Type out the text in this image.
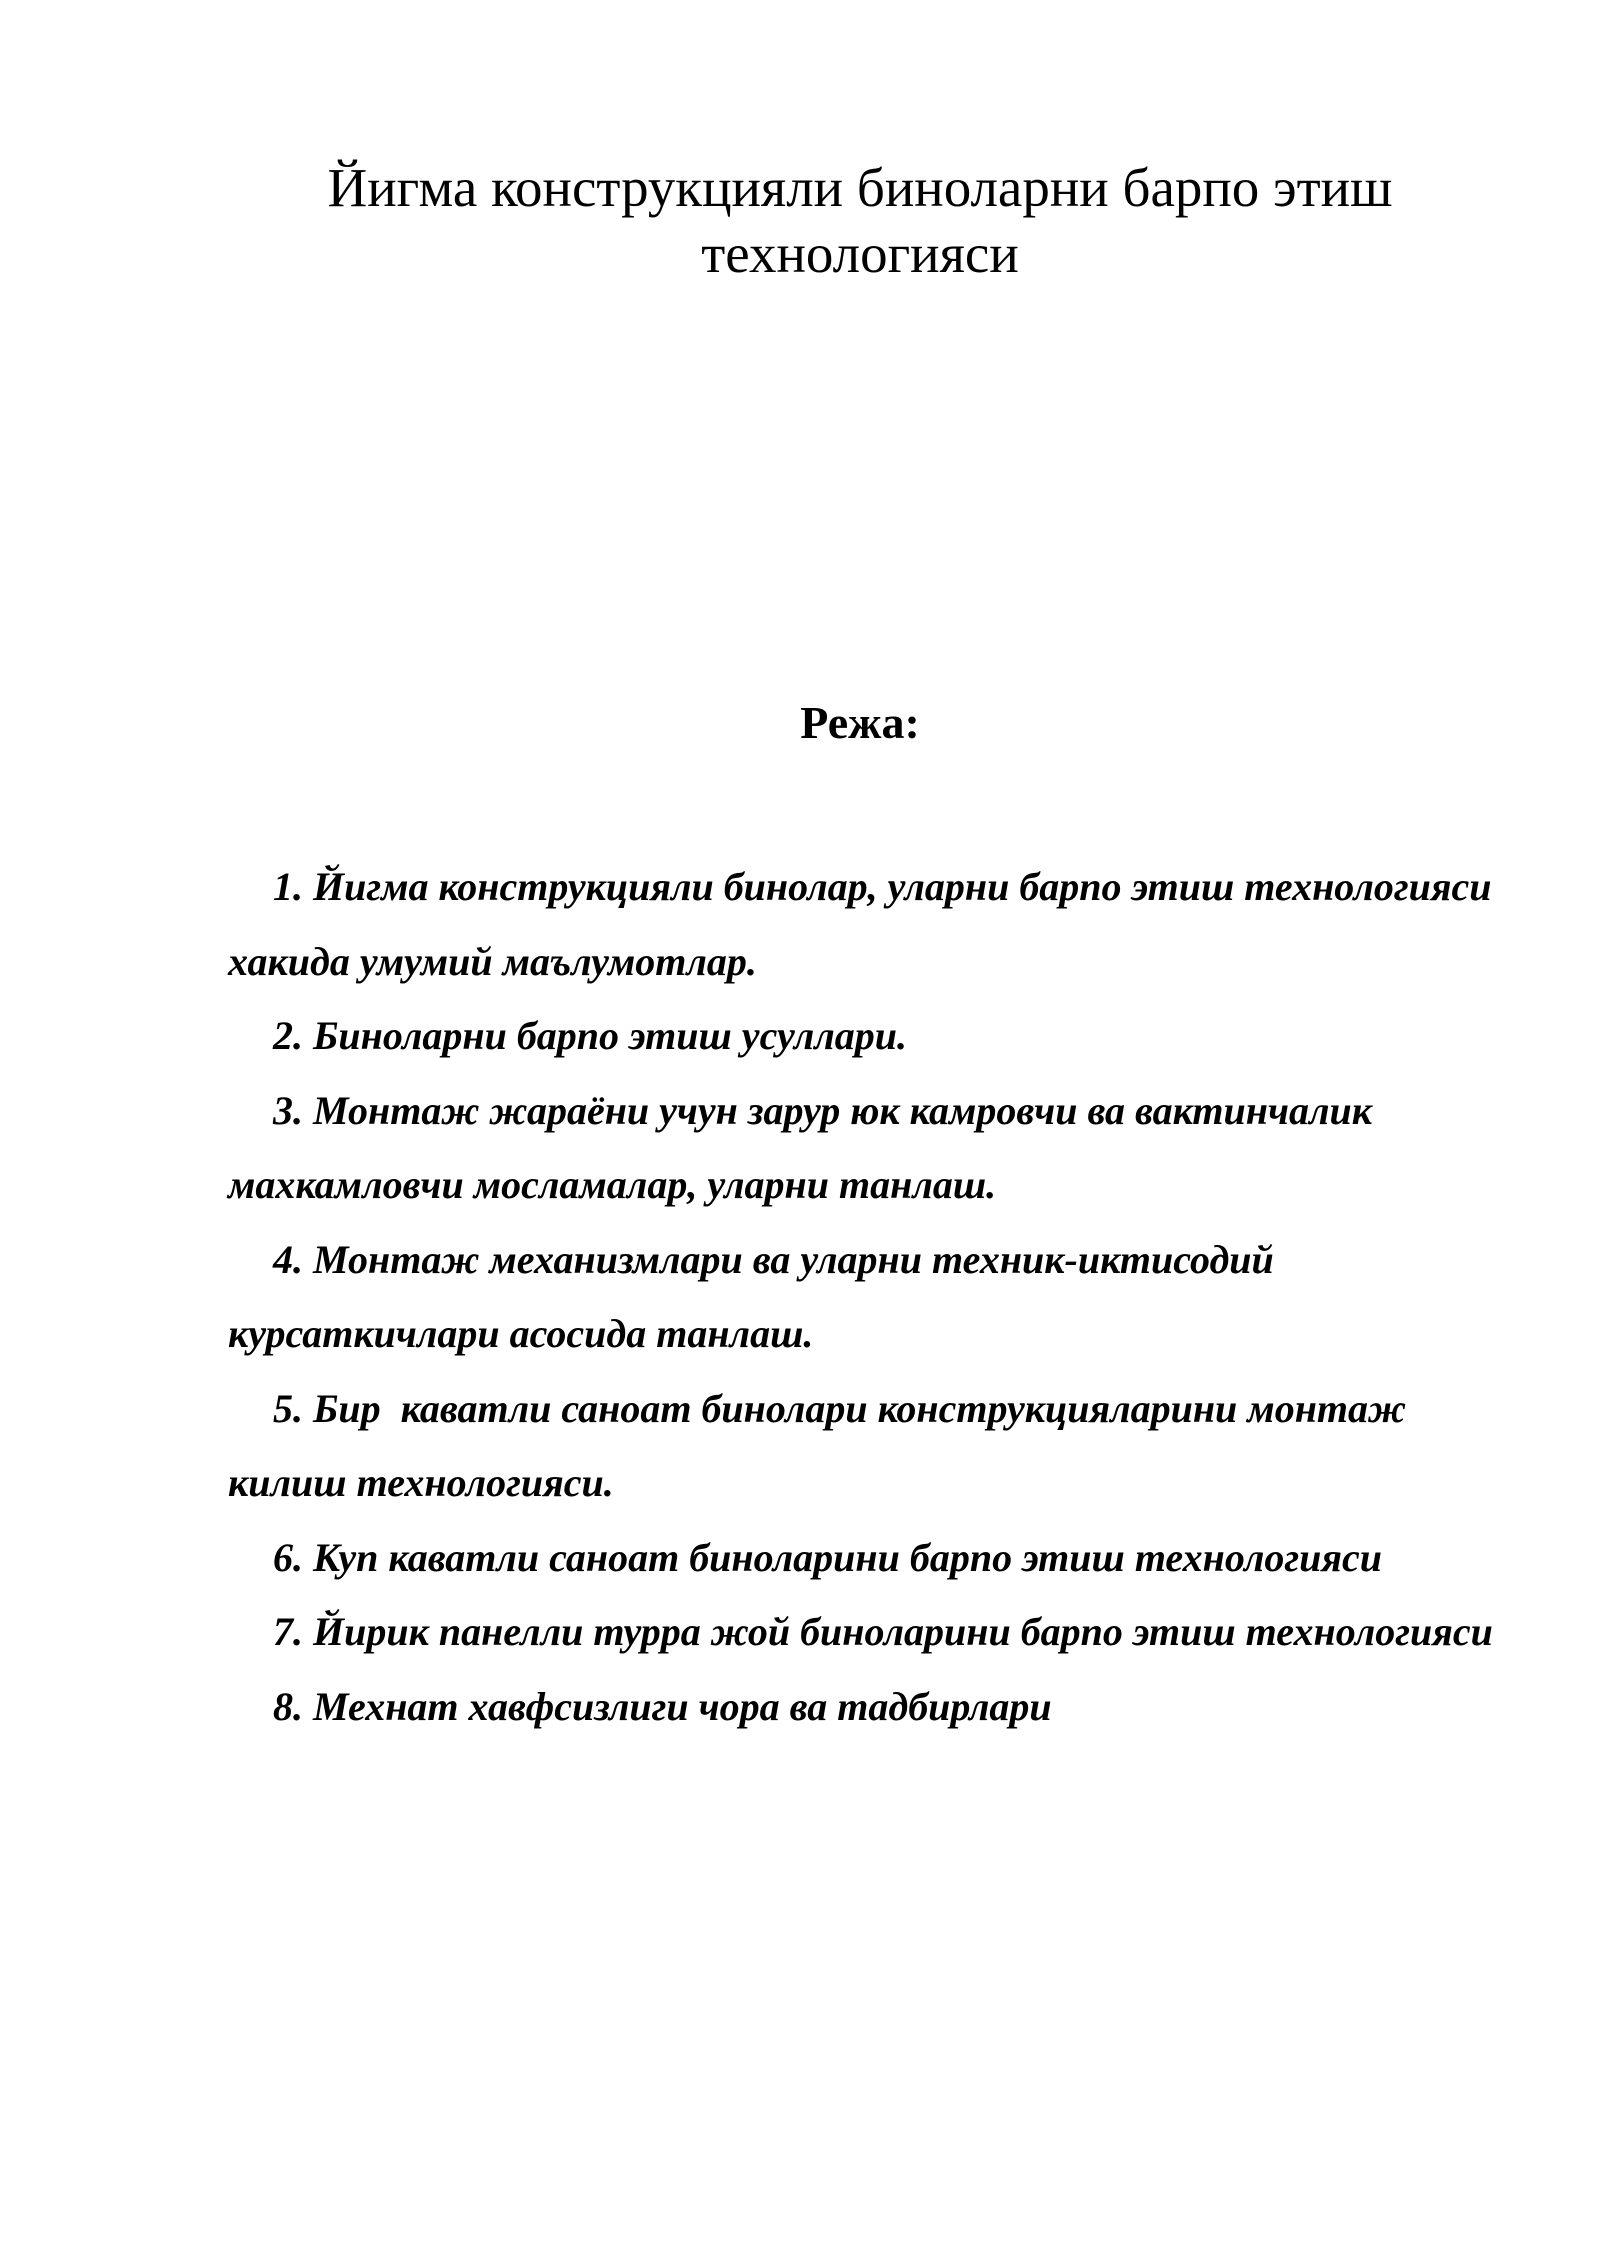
Йигма конструкцияли биноларни барпо этиш технологияси
Режа:
1. Йигма конструкцияли бинолар, уларни барпо этиш технологияси хакида умумий маълумотлар.
2. Биноларни барпо этиш усуллари.
3. Монтаж жараёни учун зарур юк камровчи ва вактинчалик махкамловчи мосламалар, уларни танлаш.
4. Монтаж механизмлари ва уларни техник-иктисодий курсаткичлари асосида танлаш.
5. Бир  каватли саноат бинолари конструкцияларини монтаж килиш технологияси.
6. Куп каватли саноат биноларини барпо этиш технологияси
7. Йирик панелли турра жой биноларини барпо этиш технологияси
8. Мехнат хавфсизлиги чора ва тадбирлари
